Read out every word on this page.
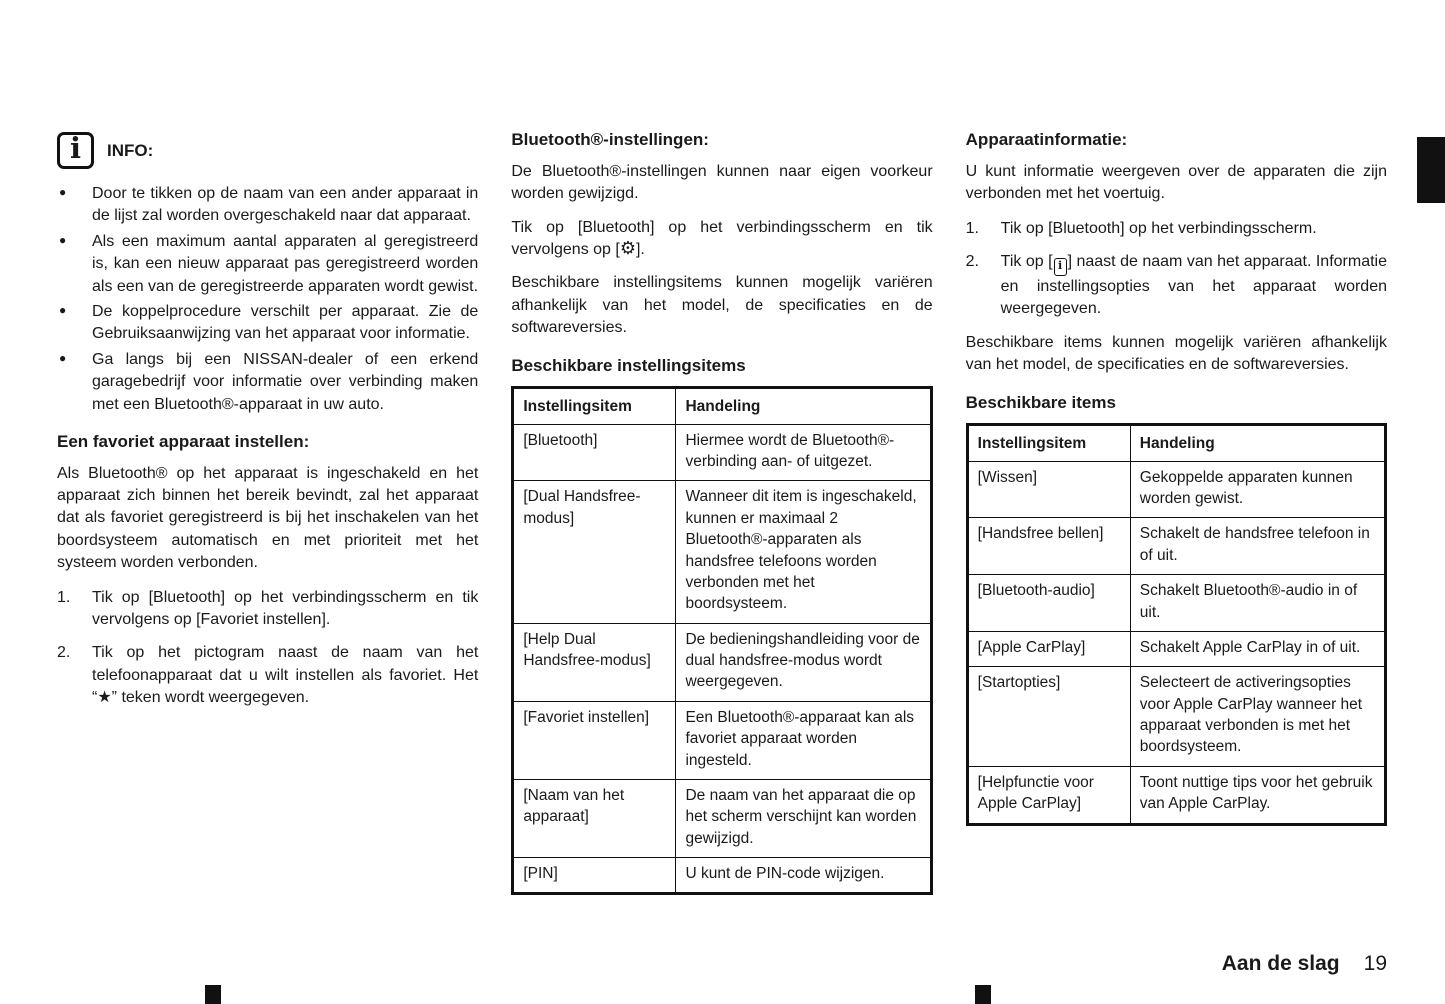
i INFO:
● Door te tikken op de naam van een ander apparaat in de lijst zal worden overgeschakeld naar dat apparaat.
● Als een maximum aantal apparaten al geregistreerd is, kan een nieuw apparaat pas geregistreerd worden als een van de geregistreerde apparaten wordt gewist.
● De koppelprocedure verschilt per apparaat. Zie de Gebruiksaanwijzing van het apparaat voor informatie.
● Ga langs bij een NISSAN-dealer of een erkend garagebedrijf voor informatie over verbinding maken met een Bluetooth®-apparaat in uw auto.
Een favoriet apparaat instellen:

Als Bluetooth® op het apparaat is ingeschakeld en het apparaat zich binnen het bereik bevindt, zal het apparaat dat als favoriet geregistreerd is bij het inschakelen van het boordsysteem automatisch en met prioriteit met het systeem worden verbonden.

1.	Tik op [Bluetooth] op het verbindingsscherm en tik vervolgens op [Favoriet instellen].
2.	Tik op het pictogram naast de naam van het telefoonapparaat dat u wilt instellen als favoriet. Het “★” teken wordt weergegeven.
Bluetooth®-instellingen:

De Bluetooth®-instellingen kunnen naar eigen voorkeur worden gewijzigd.

Tik op [Bluetooth] op het verbindingsscherm en tik vervolgens op [⚙].

Beschikbare instellingsitems kunnen mogelijk variëren afhankelijk van het model, de specificaties en de softwareversies.

Beschikbare instellingsitems
Instellingsitem	Handeling
[Bluetooth]	Hiermee wordt de Bluetooth®-verbinding aan- of uitgezet.
[Dual Handsfree-modus]	Wanneer dit item is ingeschakeld, kunnen er maximaal 2 Bluetooth®-apparaten als handsfree telefoons worden verbonden met het boordsysteem.
[Help Dual Handsfree-modus]	De bedieningshandleiding voor de dual handsfree-modus wordt weergegeven.
[Favoriet instellen]	Een Bluetooth®-apparaat kan als favoriet apparaat worden ingesteld.
[Naam van het apparaat]	De naam van het apparaat die op het scherm verschijnt kan worden gewijzigd.
[PIN]	U kunt de PIN-code wijzigen.
Apparaatinformatie:

U kunt informatie weergeven over de apparaten die zijn verbonden met het voertuig.

1.	Tik op [Bluetooth] op het verbindingsscherm.
2.	Tik op [ i ] naast de naam van het apparaat. Informatie en instellingsopties van het apparaat worden weergegeven.

Beschikbare items kunnen mogelijk variëren afhankelijk van het model, de specificaties en de softwareversies.

Beschikbare items
Instellingsitem	Handeling
[Wissen]	Gekoppelde apparaten kunnen worden gewist.
[Handsfree bellen]	Schakelt de handsfree telefoon in of uit.
[Bluetooth-audio]	Schakelt Bluetooth®-audio in of uit.
[Apple CarPlay]	Schakelt Apple CarPlay in of uit.
[Startopties]	Selecteert de activeringsopties voor Apple CarPlay wanneer het apparaat verbonden is met het boordsysteem.
[Helpfunctie voor Apple CarPlay]	Toont nuttige tips voor het gebruik van Apple CarPlay.
Aan de slag 19
